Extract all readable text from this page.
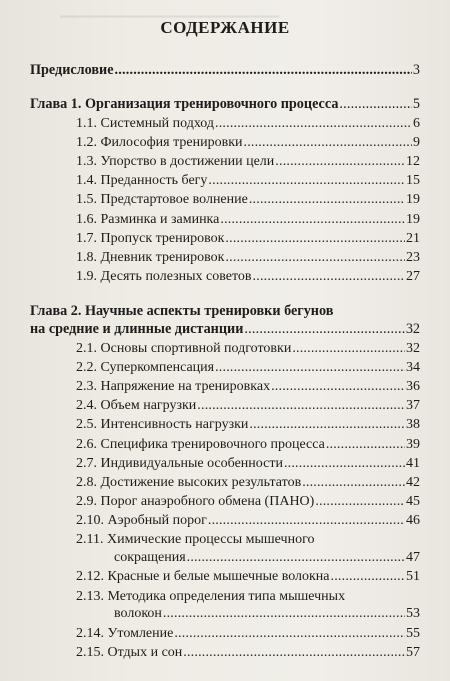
━━━━━━━━━━━━━━━━━━━━━━━━━━━━
СОДЕРЖАНИЕ
Предисловие .....	3
Глава 1. Организация тренировочного процесса .....	5
1.1. Системный подход .....	6
1.2. Философия тренировки .....	9
1.3. Упорство в достижении цели .....	12
1.4. Преданность бегу .....	15
1.5. Предстартовое волнение .....	19
1.6. Разминка и заминка .....	19
1.7. Пропуск тренировок .....	21
1.8. Дневник тренировок .....	23
1.9. Десять полезных советов .....	27
Глава 2. Научные аспекты тренировки бегунов
на средние и длинные дистанции .....	32
2.1. Основы спортивной подготовки .....	32
2.2. Суперкомпенсация .....	34
2.3. Напряжение на тренировках .....	36
2.4. Объем нагрузки .....	37
2.5. Интенсивность нагрузки .....	38
2.6. Специфика тренировочного процесса .....	39
2.7. Индивидуальные особенности .....	41
2.8. Достижение высоких результатов .....	42
2.9. Порог анаэробного обмена (ПАНО) .....	45
2.10. Аэробный порог .....	46
2.11. Химические процессы мышечного
сокращения .....	47
2.12. Красные и белые мышечные волокна .....	51
2.13. Методика определения типа мышечных
волокон .....	53
2.14. Утомление .....	55
2.15. Отдых и сон .....	57
